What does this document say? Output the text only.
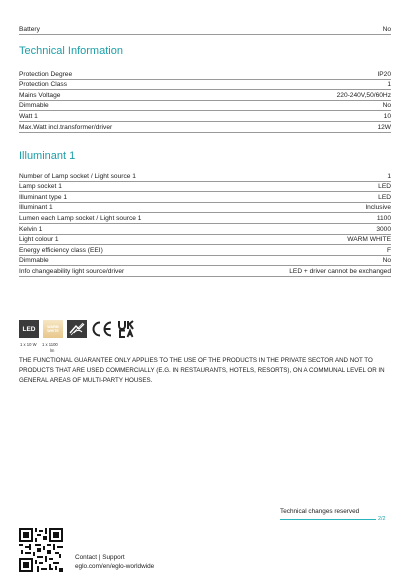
Battery	No
Technical Information
Protection Degree	IP20
Protection Class	1
Mains Voltage	220-240V,50/60Hz
Dimmable	No
Watt 1	10
Max.Watt incl.transformer/driver	12W
Illuminant 1
Number of Lamp socket / Light source 1	1
Lamp socket 1	LED
Illuminant type 1	LED
Illuminant 1	Inclusive
Lumen each Lamp socket / Light source 1	1100
Kelvin 1	3000
Light colour 1	WARM WHITE
Energy efficiency class (EEI)	F
Dimmable	No
Info changeability light source/driver	LED + driver cannot be exchanged
LED	WARM
WHITE
1 x 10 W 1 x 1100
lm
THE FUNCTIONAL GUARANTEE ONLY APPLIES TO THE USE OF THE PRODUCTS IN THE PRIVATE SECTOR AND NOT TO PRODUCTS THAT ARE USED COMMERCIALLY (E.G. IN RESTAURANTS, HOTELS, RESORTS), ON A COMMUNAL LEVEL OR IN GENERAL AREAS OF MULTI-PARTY HOUSES.
Technical changes reserved
2/2
Contact | Support
eglo.com/en/eglo-worldwide
